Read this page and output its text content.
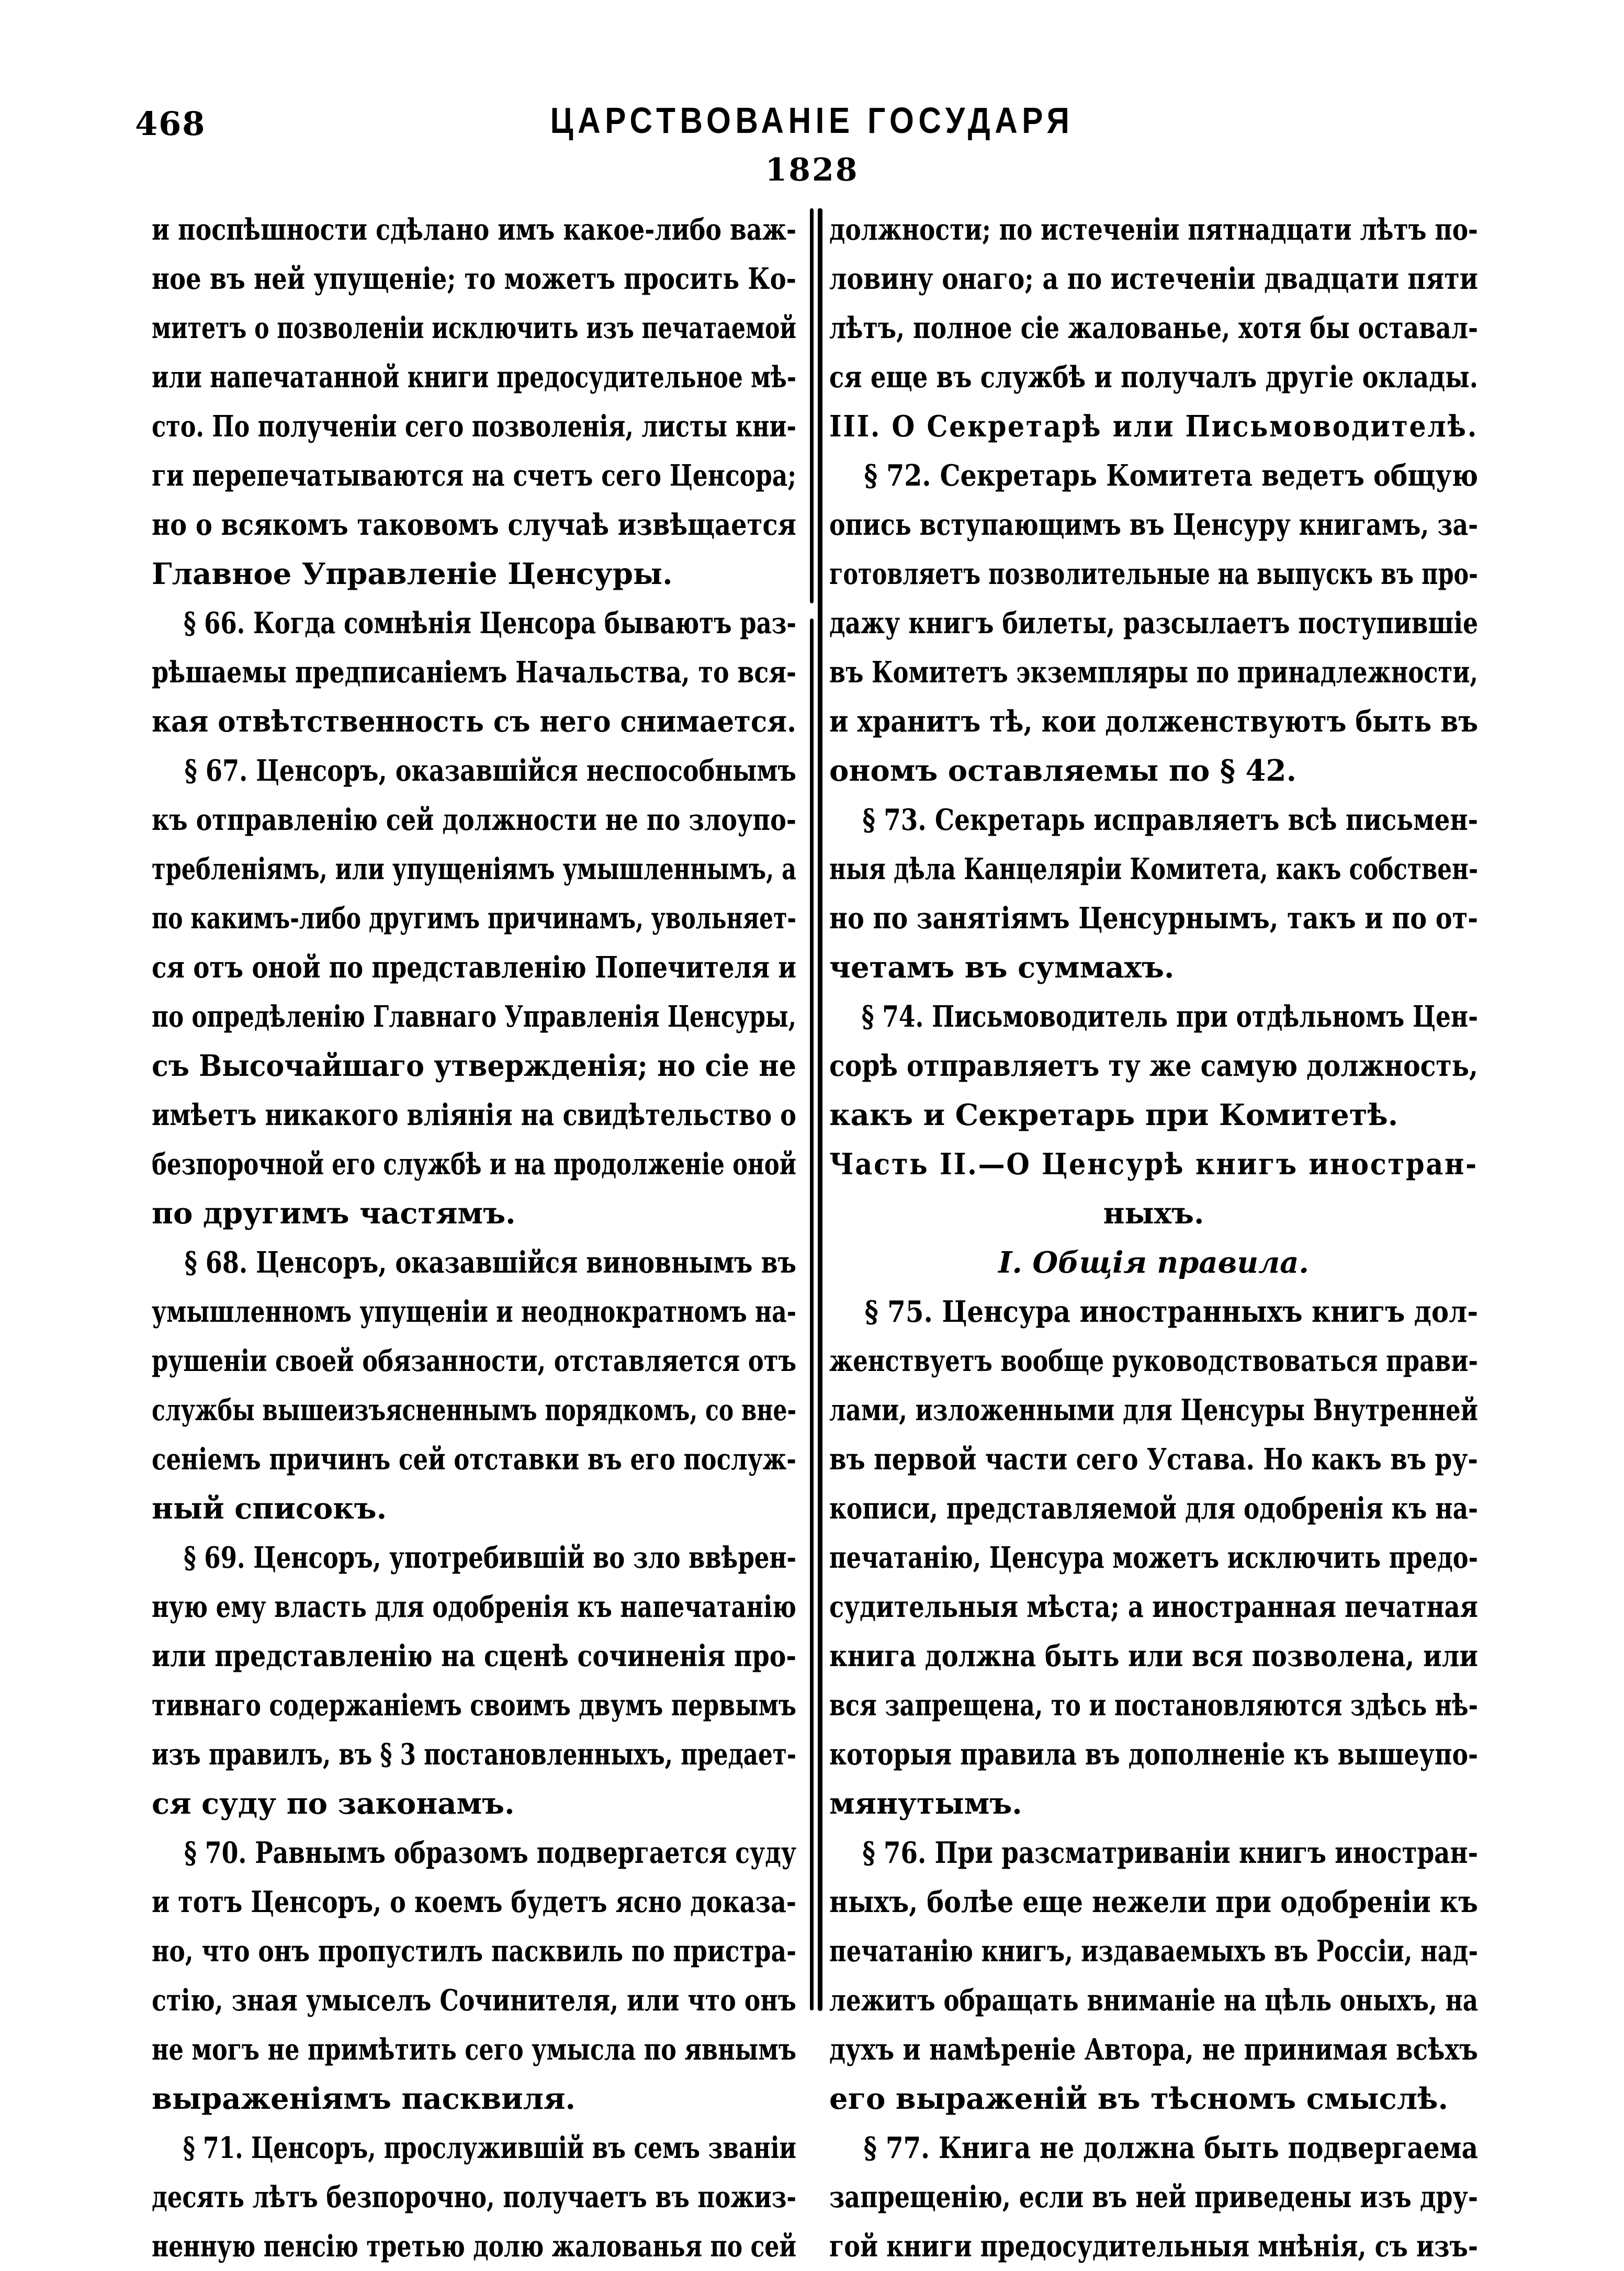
468	ЦАРСТВОВАНІЕ ГОСУДАРЯ
1828
и поспѣшности сдѣлано имъ какое-либо важ-
ное въ ней упущеніе; то можетъ просить Ко-
митетъ о позволеніи исключить изъ печатаемой
или напечатанной книги предосудительное мѣ-
сто. По полученіи сего позволенія, листы кни-
ги перепечатываются на счетъ сего Ценсора;
но о всякомъ таковомъ случаѣ извѣщается
Главное Управленіе Ценсуры.
§ 66. Когда сомнѣнія Ценсора бываютъ раз-
рѣшаемы предписаніемъ Начальства, то вся-
кая отвѣтственность съ него снимается.
§ 67. Ценсоръ, оказавшійся неспособнымъ
къ отправленію сей должности не по злоупо-
требленіямъ, или упущеніямъ умышленнымъ, а
по какимъ-либо другимъ причинамъ, увольняет-
ся отъ оной по представленію Попечителя и
по опредѣленію Главнаго Управленія Ценсуры,
съ Высочайшаго утвержденія; но сіе не
имѣетъ никакого вліянія на свидѣтельство о
безпорочной его службѣ и на продолженіе оной
по другимъ частямъ.
§ 68. Ценсоръ, оказавшійся виновнымъ въ
умышленномъ упущеніи и неоднократномъ на-
рушеніи своей обязанности, отставляется отъ
службы вышеизъясненнымъ порядкомъ, со вне-
сеніемъ причинъ сей отставки въ его послуж-
ный списокъ.
§ 69. Ценсоръ, употребившій во зло ввѣрен-
ную ему власть для одобренія къ напечатанію
или представленію на сценѣ сочиненія про-
тивнаго содержаніемъ своимъ двумъ первымъ
изъ правилъ, въ § 3 постановленныхъ, предает-
ся суду по законамъ.
§ 70. Равнымъ образомъ подвергается суду
и тотъ Ценсоръ, о коемъ будетъ ясно доказа-
но, что онъ пропустилъ пасквиль по пристра-
стію, зная умыселъ Сочинителя, или что онъ
не могъ не примѣтить сего умысла по явнымъ
выраженіямъ пасквиля.
§ 71. Ценсоръ, прослужившій въ семъ званіи
десять лѣтъ безпорочно, получаетъ въ пожиз-
ненную пенсію третью долю жалованья по сей
должности; по истеченіи пятнадцати лѣтъ по-
ловину онаго; а по истеченіи двадцати пяти
лѣтъ, полное сіе жалованье, хотя бы оставал-
ся еще въ службѣ и получалъ другіе оклады.
III. О Секретарѣ или Письмоводителѣ.
§ 72. Секретарь Комитета ведетъ общую
опись вступающимъ въ Ценсуру книгамъ, за-
готовляетъ позволительные на выпускъ въ про-
дажу книгъ билеты, разсылаетъ поступившіе
въ Комитетъ экземпляры по принадлежности,
и хранитъ тѣ, кои долженствуютъ быть въ
ономъ оставляемы по § 42.
§ 73. Секретарь исправляетъ всѣ письмен-
ныя дѣла Канцеляріи Комитета, какъ собствен-
но по занятіямъ Ценсурнымъ, такъ и по от-
четамъ въ суммахъ.
§ 74. Письмоводитель при отдѣльномъ Цен-
сорѣ отправляетъ ту же самую должность,
какъ и Секретарь при Комитетѣ.
Часть II.—О Ценсурѣ книгъ иностран-
ныхъ.
I. Общія правила.
§ 75. Ценсура иностранныхъ книгъ дол-
женствуетъ вообще руководствоваться прави-
лами, изложенными для Ценсуры Внутренней
въ первой части сего Устава. Но какъ въ ру-
кописи, представляемой для одобренія къ на-
печатанію, Ценсура можетъ исключить предо-
судительныя мѣста; а иностранная печатная
книга должна быть или вся позволена, или
вся запрещена, то и постановляются здѣсь нѣ-
которыя правила въ дополненіе къ вышеупо-
мянутымъ.
§ 76. При разсматриваніи книгъ иностран-
ныхъ, болѣе еще нежели при одобреніи къ
печатанію книгъ, издаваемыхъ въ Россіи, над-
лежитъ обращать вниманіе на цѣль оныхъ, на
духъ и намѣреніе Автора, не принимая всѣхъ
его выраженій въ тѣсномъ смыслѣ.
§ 77. Книга не должна быть подвергаема
запрещенію, если въ ней приведены изъ дру-
гой книги предосудительныя мнѣнія, съ изъ-
